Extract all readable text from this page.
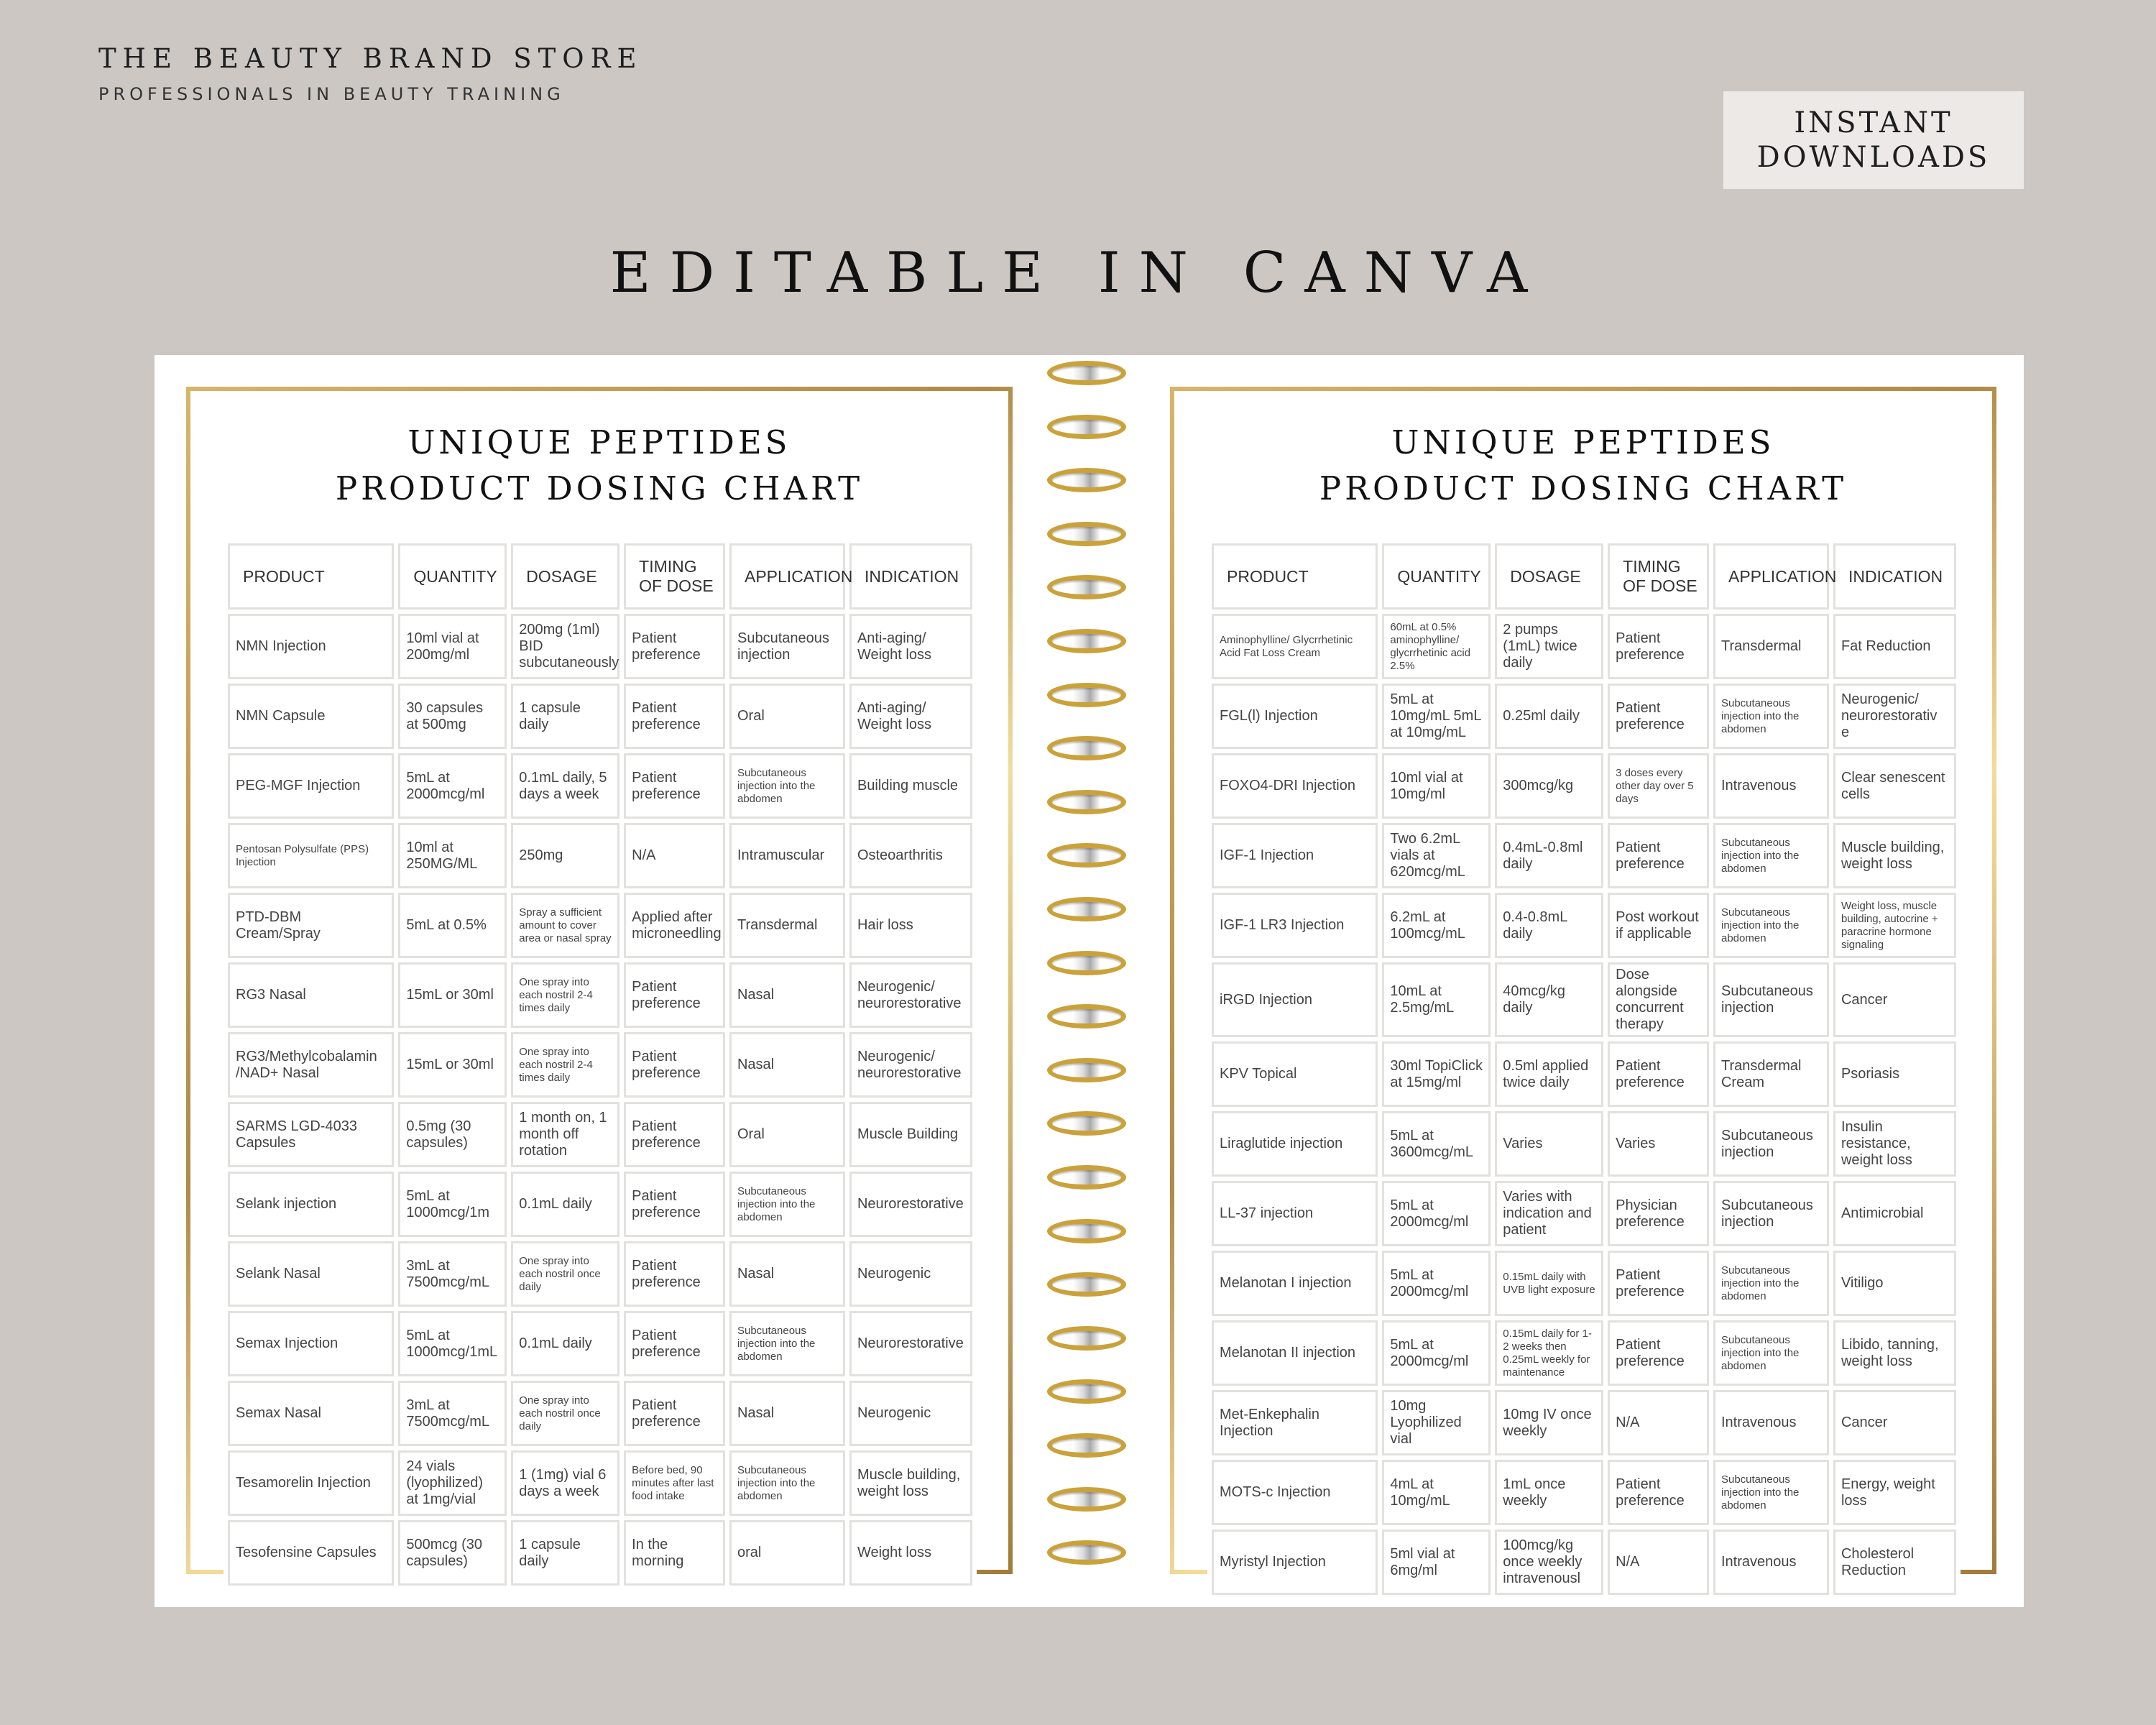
THE BEAUTY BRAND STORE
PROFESSIONALS IN BEAUTY TRAINING
INSTANT
DOWNLOADS
EDITABLE IN CANVA
UNIQUE PEPTIDES
PRODUCT DOSING CHART
PRODUCT	QUANTITY	DOSAGE	TIMING OF DOSE	APPLICATION	INDICATION
NMN Injection	10ml vial at 200mg/ml	200mg (1ml) BID subcutaneously	Patient preference	Subcutaneous injection	Anti-aging/ Weight loss
NMN Capsule	30 capsules at 500mg	1 capsule daily	Patient preference	Oral	Anti-aging/ Weight loss
PEG-MGF Injection	5mL at 2000mcg/ml	0.1mL daily, 5 days a week	Patient preference	Subcutaneous injection into the abdomen	Building muscle
Pentosan Polysulfate (PPS) Injection	10ml at 250MG/ML	250mg	N/A	Intramuscular	Osteoarthritis
PTD-DBM Cream/Spray	5mL at 0.5%	Spray a sufficient amount to cover area or nasal spray	Applied after microneedling	Transdermal	Hair loss
RG3 Nasal	15mL or 30ml	One spray into each nostril 2-4 times daily	Patient preference	Nasal	Neurogenic/ neurorestorative
RG3/Methylcobalamin /NAD+ Nasal	15mL or 30ml	One spray into each nostril 2-4 times daily	Patient preference	Nasal	Neurogenic/ neurorestorative
SARMS LGD-4033 Capsules	0.5mg (30 capsules)	1 month on, 1 month off rotation	Patient preference	Oral	Muscle Building
Selank injection	5mL at 1000mcg/1m	0.1mL daily	Patient preference	Subcutaneous injection into the abdomen	Neurorestorative
Selank Nasal	3mL at 7500mcg/mL	One spray into each nostril once daily	Patient preference	Nasal	Neurogenic
Semax Injection	5mL at 1000mcg/1mL	0.1mL daily	Patient preference	Subcutaneous injection into the abdomen	Neurorestorative
Semax Nasal	3mL at 7500mcg/mL	One spray into each nostril once daily	Patient preference	Nasal	Neurogenic
Tesamorelin Injection	24 vials (lyophilized) at 1mg/vial	1 (1mg) vial 6 days a week	Before bed, 90 minutes after last food intake	Subcutaneous injection into the abdomen	Muscle building, weight loss
Tesofensine Capsules	500mcg (30 capsules)	1 capsule daily	In the morning	oral	Weight loss
UNIQUE PEPTIDES
PRODUCT DOSING CHART
PRODUCT	QUANTITY	DOSAGE	TIMING OF DOSE	APPLICATION	INDICATION
Aminophylline/ Glycrrhetinic Acid Fat Loss Cream	60mL at 0.5% aminophylline/ glycrrhetinic acid 2.5%	2 pumps (1mL) twice daily	Patient preference	Transdermal	Fat Reduction
FGL(l) Injection	5mL at 10mg/mL 5mL at 10mg/mL	0.25ml daily	Patient preference	Subcutaneous injection into the abdomen	Neurogenic/ neurorestorativ e
FOXO4-DRI Injection	10ml vial at 10mg/ml	300mcg/kg	3 doses every other day over 5 days	Intravenous	Clear senescent cells
IGF-1 Injection	Two 6.2mL vials at 620mcg/mL	0.4mL-0.8ml daily	Patient preference	Subcutaneous injection into the abdomen	Muscle building, weight loss
IGF-1 LR3 Injection	6.2mL at 100mcg/mL	0.4-0.8mL daily	Post workout if applicable	Subcutaneous injection into the abdomen	Weight loss, muscle building, autocrine + paracrine hormone signaling
iRGD Injection	10mL at 2.5mg/mL	40mcg/kg daily	Dose alongside concurrent therapy	Subcutaneous injection	Cancer
KPV Topical	30ml TopiClick at 15mg/ml	0.5ml applied twice daily	Patient preference	Transdermal Cream	Psoriasis
Liraglutide injection	5mL at 3600mcg/mL	Varies	Varies	Subcutaneous injection	Insulin resistance, weight loss
LL-37 injection	5mL at 2000mcg/ml	Varies with indication and patient	Physician preference	Subcutaneous injection	Antimicrobial
Melanotan I injection	5mL at 2000mcg/ml	0.15mL daily with UVB light exposure	Patient preference	Subcutaneous injection into the abdomen	Vitiligo
Melanotan II injection	5mL at 2000mcg/ml	0.15mL daily for 1-2 weeks then 0.25mL weekly for maintenance	Patient preference	Subcutaneous injection into the abdomen	Libido, tanning, weight loss
Met-Enkephalin Injection	10mg Lyophilized vial	10mg IV once weekly	N/A	Intravenous	Cancer
MOTS-c Injection	4mL at 10mg/mL	1mL once weekly	Patient preference	Subcutaneous injection into the abdomen	Energy, weight loss
Myristyl Injection	5ml vial at 6mg/ml	100mcg/kg once weekly intravenousl	N/A	Intravenous	Cholesterol Reduction
